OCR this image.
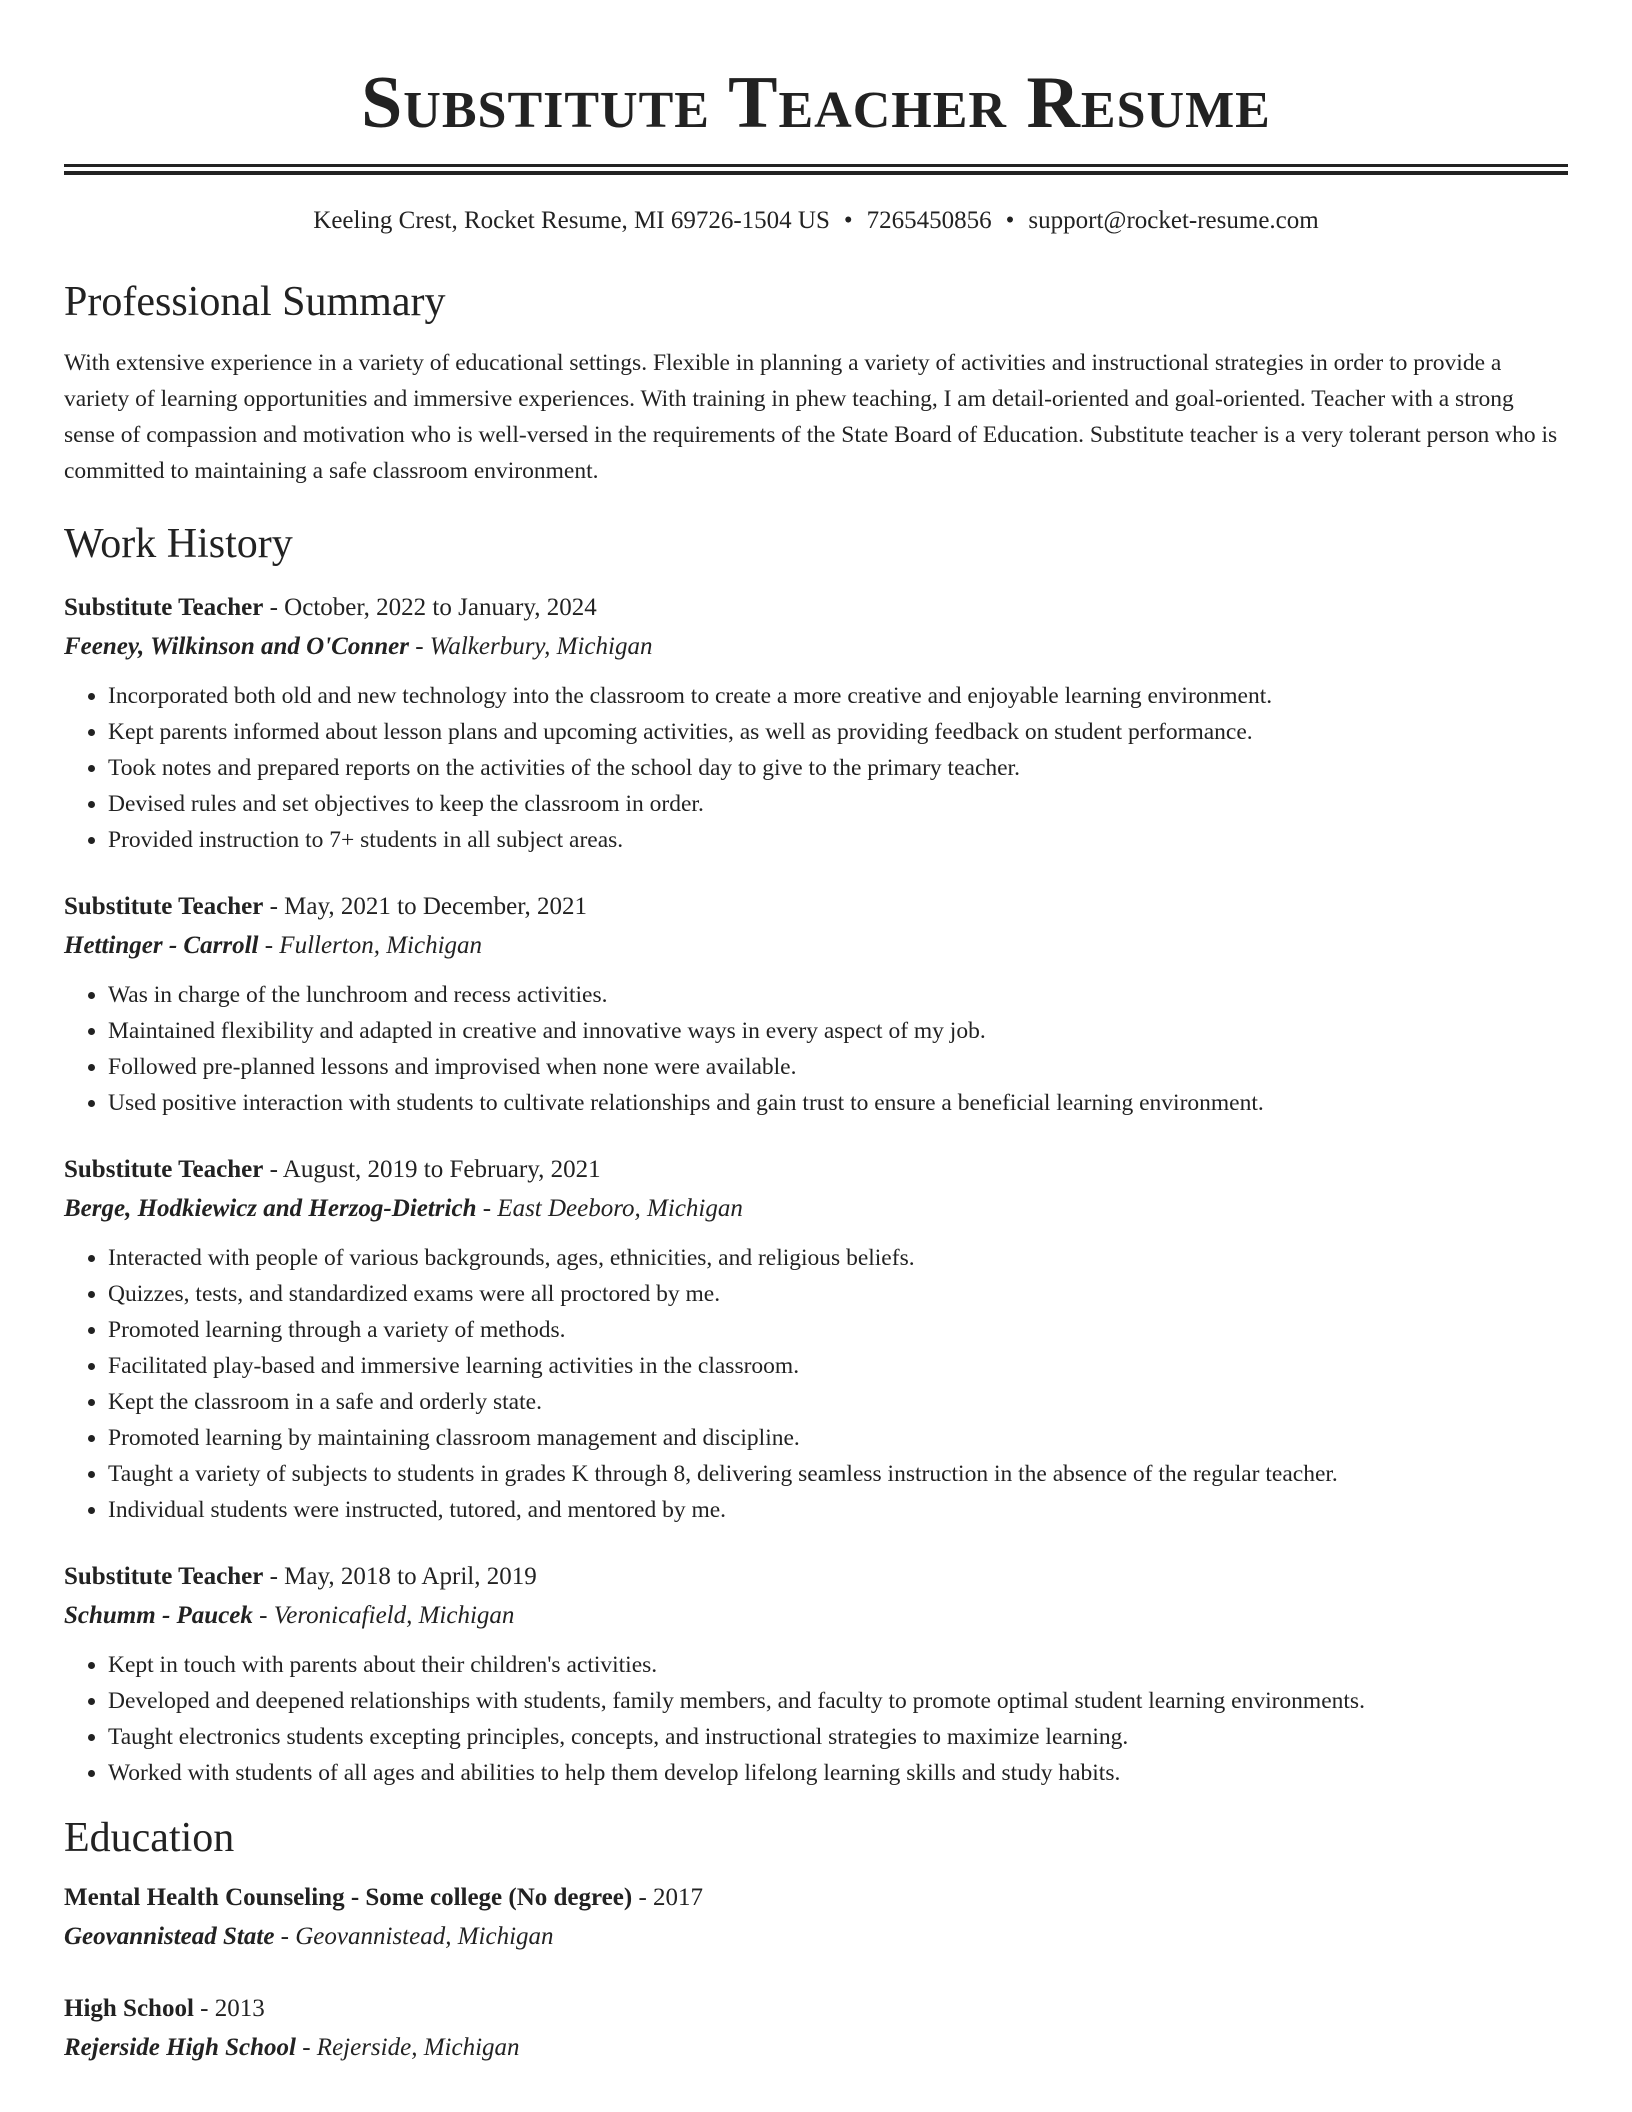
Substitute Teacher Resume
Keeling Crest, Rocket Resume, MI 69726-1504 US • 7265450856 • support@rocket-resume.com
Professional Summary

With extensive experience in a variety of educational settings. Flexible in planning a variety of activities and instructional strategies in order to provide a variety of learning opportunities and immersive experiences. With training in phew teaching, I am detail-oriented and goal-oriented. Teacher with a strong sense of compassion and motivation who is well-versed in the requirements of the State Board of Education. Substitute teacher is a very tolerant person who is committed to maintaining a safe classroom environment.

Work History
Substitute Teacher - October, 2022 to January, 2024
Feeney, Wilkinson and O'Conner - Walkerbury, Michigan
• Incorporated both old and new technology into the classroom to create a more creative and enjoyable learning environment.
• Kept parents informed about lesson plans and upcoming activities, as well as providing feedback on student performance.
• Took notes and prepared reports on the activities of the school day to give to the primary teacher.
• Devised rules and set objectives to keep the classroom in order.
• Provided instruction to 7+ students in all subject areas.
Substitute Teacher - May, 2021 to December, 2021
Hettinger - Carroll - Fullerton, Michigan
• Was in charge of the lunchroom and recess activities.
• Maintained flexibility and adapted in creative and innovative ways in every aspect of my job.
• Followed pre-planned lessons and improvised when none were available.
• Used positive interaction with students to cultivate relationships and gain trust to ensure a beneficial learning environment.
Substitute Teacher - August, 2019 to February, 2021
Berge, Hodkiewicz and Herzog-Dietrich - East Deeboro, Michigan
• Interacted with people of various backgrounds, ages, ethnicities, and religious beliefs.
• Quizzes, tests, and standardized exams were all proctored by me.
• Promoted learning through a variety of methods.
• Facilitated play-based and immersive learning activities in the classroom.
• Kept the classroom in a safe and orderly state.
• Promoted learning by maintaining classroom management and discipline.
• Taught a variety of subjects to students in grades K through 8, delivering seamless instruction in the absence of the regular teacher.
• Individual students were instructed, tutored, and mentored by me.
Substitute Teacher - May, 2018 to April, 2019
Schumm - Paucek - Veronicafield, Michigan
• Kept in touch with parents about their children's activities.
• Developed and deepened relationships with students, family members, and faculty to promote optimal student learning environments.
• Taught electronics students excepting principles, concepts, and instructional strategies to maximize learning.
• Worked with students of all ages and abilities to help them develop lifelong learning skills and study habits.
Education
Mental Health Counseling - Some college (No degree) - 2017
Geovannistead State - Geovannistead, Michigan
High School - 2013
Rejerside High School - Rejerside, Michigan
